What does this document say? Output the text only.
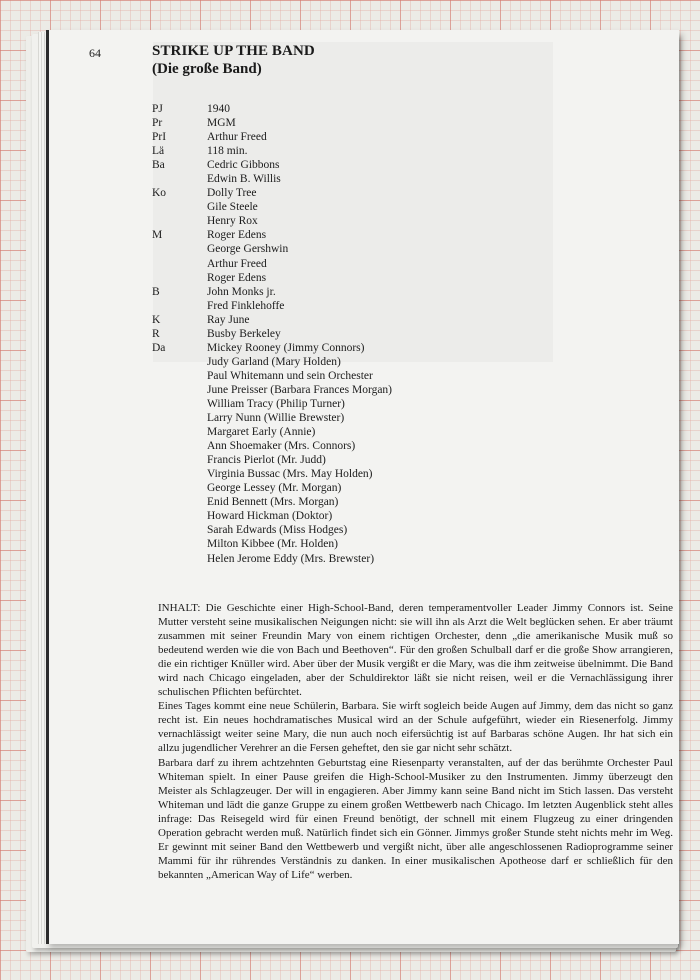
64	STRIKE UP THE BAND
(Die große Band)
PJ	1940
Pr	MGM
PrI	Arthur Freed
Lä	118 min.
Ba	Cedric Gibbons
Edwin B. Willis
Ko	Dolly Tree
Gile Steele
Henry Rox
M	Roger Edens
George Gershwin
Arthur Freed
Roger Edens
B	John Monks jr.
Fred Finklehoffe
K	Ray June
R	Busby Berkeley
Da	Mickey Rooney (Jimmy Connors)
Judy Garland (Mary Holden)
Paul Whitemann und sein Orchester
June Preisser (Barbara Frances Morgan)
William Tracy (Philip Turner)
Larry Nunn (Willie Brewster)
Margaret Early (Annie)
Ann Shoemaker (Mrs. Connors)
Francis Pierlot (Mr. Judd)
Virginia Bussac (Mrs. May Holden)
George Lessey (Mr. Morgan)
Enid Bennett (Mrs. Morgan)
Howard Hickman (Doktor)
Sarah Edwards (Miss Hodges)
Milton Kibbee (Mr. Holden)
Helen Jerome Eddy (Mrs. Brewster)

INHALT: Die Geschichte einer High-School-Band, deren temperamentvoller Leader Jimmy Connors ist. Seine Mutter versteht seine musikalischen Neigungen nicht: sie will ihn als Arzt die Welt beglücken sehen. Er aber träumt zusammen mit seiner Freundin Mary von einem richtigen Orchester, denn „die amerikanische Musik muß so bedeutend werden wie die von Bach und Beethoven“. Für den großen Schulball darf er die große Show arrangieren, die ein richtiger Knüller wird. Aber über der Musik vergißt er die Mary, was die ihm zeitweise übelnimmt. Die Band wird nach Chicago eingeladen, aber der Schuldirektor läßt sie nicht reisen, weil er die Vernachlässigung ihrer schulischen Pflichten befürchtet.

Eines Tages kommt eine neue Schülerin, Barbara. Sie wirft sogleich beide Augen auf Jimmy, dem das nicht so ganz recht ist. Ein neues hochdramatisches Musical wird an der Schule aufgeführt, wieder ein Riesenerfolg. Jimmy vernachlässigt weiter seine Mary, die nun auch noch eifersüchtig ist auf Barbaras schöne Augen. Ihr hat sich ein allzu jugendlicher Verehrer an die Fersen geheftet, den sie gar nicht sehr schätzt.

Barbara darf zu ihrem achtzehnten Geburtstag eine Riesenparty veranstalten, auf der das berühmte Orchester Paul Whiteman spielt. In einer Pause greifen die High-School-Musiker zu den Instrumenten. Jimmy überzeugt den Meister als Schlagzeuger. Der will in engagieren. Aber Jimmy kann seine Band nicht im Stich lassen. Das versteht Whiteman und lädt die ganze Gruppe zu einem großen Wettbewerb nach Chicago. Im letzten Augenblick steht alles infrage: Das Reisegeld wird für einen Freund benötigt, der schnell mit einem Flugzeug zu einer dringenden Operation gebracht werden muß. Natürlich findet sich ein Gönner. Jimmys großer Stunde steht nichts mehr im Weg. Er gewinnt mit seiner Band den Wettbewerb und vergißt nicht, über alle angeschlossenen Radioprogramme seiner Mammi für ihr rührendes Verständnis zu danken. In einer musikalischen Apotheose darf er schließlich für den bekannten „American Way of Life“ werben.
